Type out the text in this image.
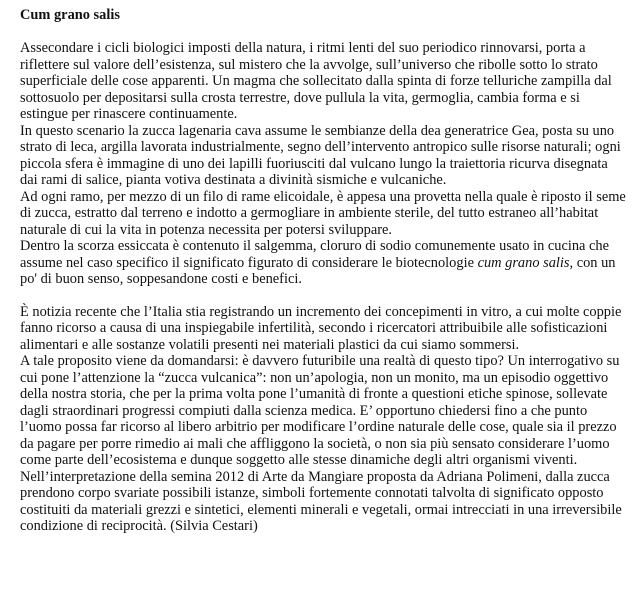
Cum grano salis

Assecondare i cicli biologici imposti della natura, i ritmi lenti del suo periodico rinnovarsi, porta a riflettere sul valore dell’esistenza, sul mistero che la avvolge, sull’universo che ribolle sotto lo strato superficiale delle cose apparenti. Un magma che sollecitato dalla spinta di forze telluriche zampilla dal sottosuolo per depositarsi sulla crosta terrestre, dove pullula la vita, germoglia, cambia forma e si estingue per rinascere continuamente.

In questo scenario la zucca lagenaria cava assume le sembianze della dea generatrice Gea, posta su uno strato di leca, argilla lavorata industrialmente, segno dell’intervento antropico sulle risorse naturali; ogni piccola sfera è immagine di uno dei lapilli fuoriusciti dal vulcano lungo la traiettoria ricurva disegnata dai rami di salice, pianta votiva destinata a divinità sismiche e vulcaniche.

Ad ogni ramo, per mezzo di un filo di rame elicoidale, è appesa una provetta nella quale è riposto il seme di zucca, estratto dal terreno e indotto a germogliare in ambiente sterile, del tutto estraneo all’habitat naturale di cui la vita in potenza necessita per potersi sviluppare.

Dentro la scorza essiccata è contenuto il salgemma, cloruro di sodio comunemente usato in cucina che assume nel caso specifico il significato figurato di considerare le biotecnologie cum grano salis, con un po' di buon senso, soppesandone costi e benefici.

È notizia recente che l’Italia stia registrando un incremento dei concepimenti in vitro, a cui molte coppie fanno ricorso a causa di una inspiegabile infertilità, secondo i ricercatori attribuibile alle sofisticazioni alimentari e alle sostanze volatili presenti nei materiali plastici da cui siamo sommersi.

A tale proposito viene da domandarsi: è davvero futuribile una realtà di questo tipo? Un interrogativo su cui pone l’attenzione la “zucca vulcanica”: non un’apologia, non un monito, ma un episodio oggettivo della nostra storia, che per la prima volta pone l’umanità di fronte a questioni etiche spinose, sollevate dagli straordinari progressi compiuti dalla scienza medica. E’ opportuno chiedersi fino a che punto l’uomo possa far ricorso al libero arbitrio per modificare l’ordine naturale delle cose, quale sia il prezzo da pagare per porre rimedio ai mali che affliggono la società, o non sia più sensato considerare l’uomo come parte dell’ecosistema e dunque soggetto alle stesse dinamiche degli altri organismi viventi.

Nell’interpretazione della semina 2012 di Arte da Mangiare proposta da Adriana Polimeni, dalla zucca prendono corpo svariate possibili istanze, simboli fortemente connotati talvolta di significato opposto costituiti da materiali grezzi e sintetici, elementi minerali e vegetali, ormai intrecciati in una irreversibile condizione di reciprocità. (Silvia Cestari)
